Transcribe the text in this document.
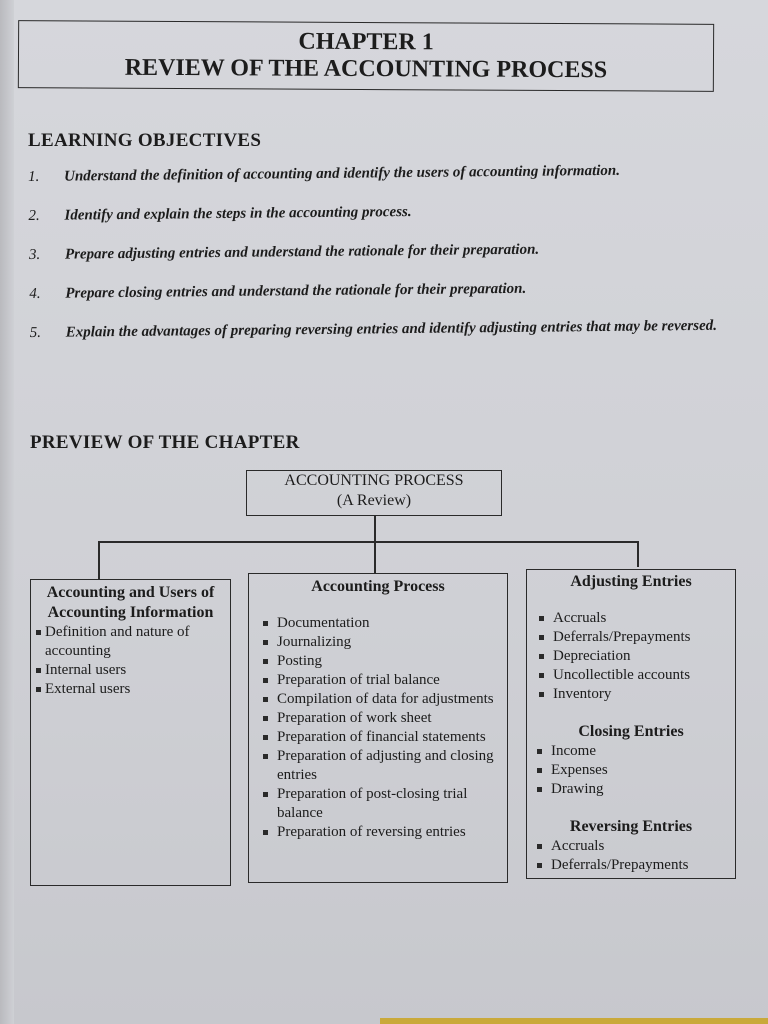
CHAPTER 1
REVIEW OF THE ACCOUNTING PROCESS
LEARNING OBJECTIVES
1.	Understand the definition of accounting and identify the users of accounting information.
2.	Identify and explain the steps in the accounting process.
3.	Prepare adjusting entries and understand the rationale for their preparation.
4.	Prepare closing entries and understand the rationale for their preparation.
5.	Explain the advantages of preparing reversing entries and identify adjusting entries that may be reversed.
PREVIEW OF THE CHAPTER
ACCOUNTING PROCESS
(A Review)
Accounting and Users of Accounting Information
Definition and nature of accounting
Internal users
External users
Accounting Process
Documentation
Journalizing
Posting
Preparation of trial balance
Compilation of data for adjustments
Preparation of work sheet
Preparation of financial statements
Preparation of adjusting and closing entries
Preparation of post-closing trial balance
Preparation of reversing entries
Adjusting Entries
Accruals
Deferrals/Prepayments
Depreciation
Uncollectible accounts
Inventory
Closing Entries
Income
Expenses
Drawing
Reversing Entries
Accruals
Deferrals/Prepayments
